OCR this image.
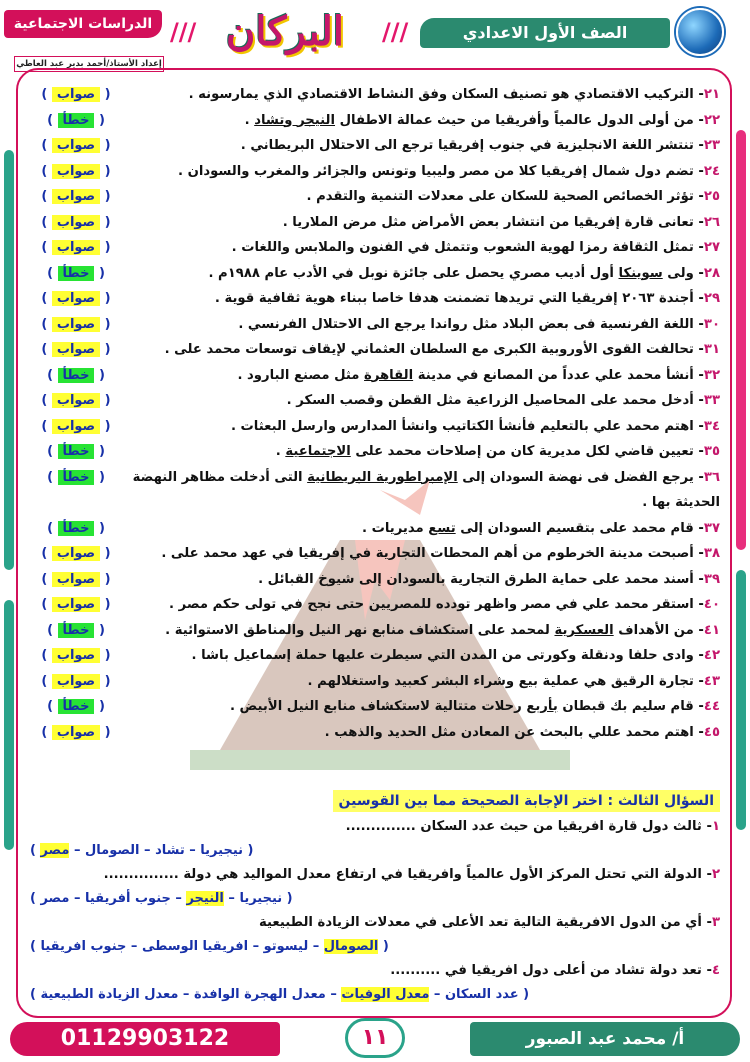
الدراسات الاجتماعية
إعداد الأستاذ/أحمد بدير عبد العاطي
/// البركان ///	الصف الأول الاعدادي
٢١- التركيب الاقتصادي هو تصنيف السكان وفق النشاط الاقتصادي الذي يمارسونه .
( صواب )
٢٢- من أولى الدول عالمياً وأفريقيا من حيث عمالة الاطفال النيجر وتشاد .
( خطأ )
٢٣- تنتشر اللغة الانجليزية في جنوب إفريقيا ترجع الى الاحتلال البريطاني .
( صواب )
٢٤- تضم دول شمال إفريقيا كلا من مصر وليبيا وتونس والجزائر والمغرب والسودان .
( صواب )
٢٥- تؤثر الخصائص الصحية للسكان على معدلات التنمية والتقدم .
( صواب )
٢٦- تعانى قارة إفريقيا من انتشار بعض الأمراض مثل مرض الملاريا .
( صواب )
٢٧- تمثل الثقافة رمزا لهوية الشعوب وتتمثل في الفنون والملابس واللغات .
( صواب )
٢٨- ولى سوينكا أول أديب مصري يحصل على جائزة نوبل في الأدب عام ١٩٨٨م .
( خطأ )
٢٩- أجندة ٢٠٦٣ إفريقيا التي تريدها تضمنت هدفا خاصا ببناء هوية ثقافية قوية .
( صواب )
٣٠- اللغة الفرنسية فى بعض البلاد مثل رواندا يرجع الى الاحتلال الفرنسي .
( صواب )
٣١- تحالفت القوى الأوروبية الكبرى مع السلطان العثماني لإيقاف توسعات محمد على .
( صواب )
٣٢- أنشأ محمد علي عدداً من المصانع في مدينة القاهرة مثل مصنع البارود .
( خطأ )
٣٣- أدخل محمد على المحاصيل الزراعية مثل القطن وقصب السكر .
( صواب )
٣٤- اهتم محمد علي بالتعليم فأنشأ الكتاتيب وانشأ المدارس وارسل البعثات .
( صواب )
٣٥- تعيين قاضي لكل مديرية كان من إصلاحات محمد على الاجتماعية .
( خطأ )
٣٦- يرجع الفضل فى نهضة السودان إلى الإمبراطورية البريطانية التى أدخلت مظاهر النهضة الحديثة بها .
( خطأ )
٣٧- قام محمد على بتقسيم السودان إلى تسع مديريات .
( خطأ )
٣٨- أصبحت مدينة الخرطوم من أهم المحطات التجارية في إفريقيا في عهد محمد على .
( صواب )
٣٩- أسند محمد على حماية الطرق التجارية بالسودان إلى شيوخ القبائل .
( صواب )
٤٠- استقر محمد علي في مصر واظهر تودده للمصريين حتى نجح في تولى حكم مصر .
( صواب )
٤١- من الأهداف العسكرية لمحمد على استكشاف منابع نهر النيل والمناطق الاستوائية .
( خطأ )
٤٢- وادى حلفا ودنقلة وكورتى من المدن التي سيطرت عليها حملة إسماعيل باشا .
( صواب )
٤٣- تجارة الرقيق هي عملية بيع وشراء البشر كعبيد واستغلالهم .
( صواب )
٤٤- قام سليم بك قبطان بأربع رحلات متتالية لاستكشاف منابع النيل الأبيض .
( خطأ )
٤٥- اهتم محمد عللي بالبحث عن المعادن مثل الحديد والذهب .
( صواب )
السؤال الثالث : اختر الإجابة الصحيحة مما بين القوسين
١- ثالث دول قارة افريقيا من حيث عدد السكان ..............
( نيجيريا – تشاد – الصومال – مصر )
٢- الدولة التي تحتل المركز الأول عالمياً وافريقيا في ارتفاع معدل المواليد هي دولة ...............
( نيجيريا – النيجر – جنوب أفريقيا – مصر )
٣- أي من الدول الافريقية التالية تعد الأعلى في معدلات الزيادة الطبيعية
( الصومال – ليسوتو – افريقيا الوسطى – جنوب افريقيا )
٤- تعد دولة تشاد من أعلى دول افريقيا في ..........
( عدد السكان – معدل الوفيات – معدل الهجرة الوافدة – معدل الزيادة الطبيعية )
01129903122	١١	أ/ محمد عبد الصبور
